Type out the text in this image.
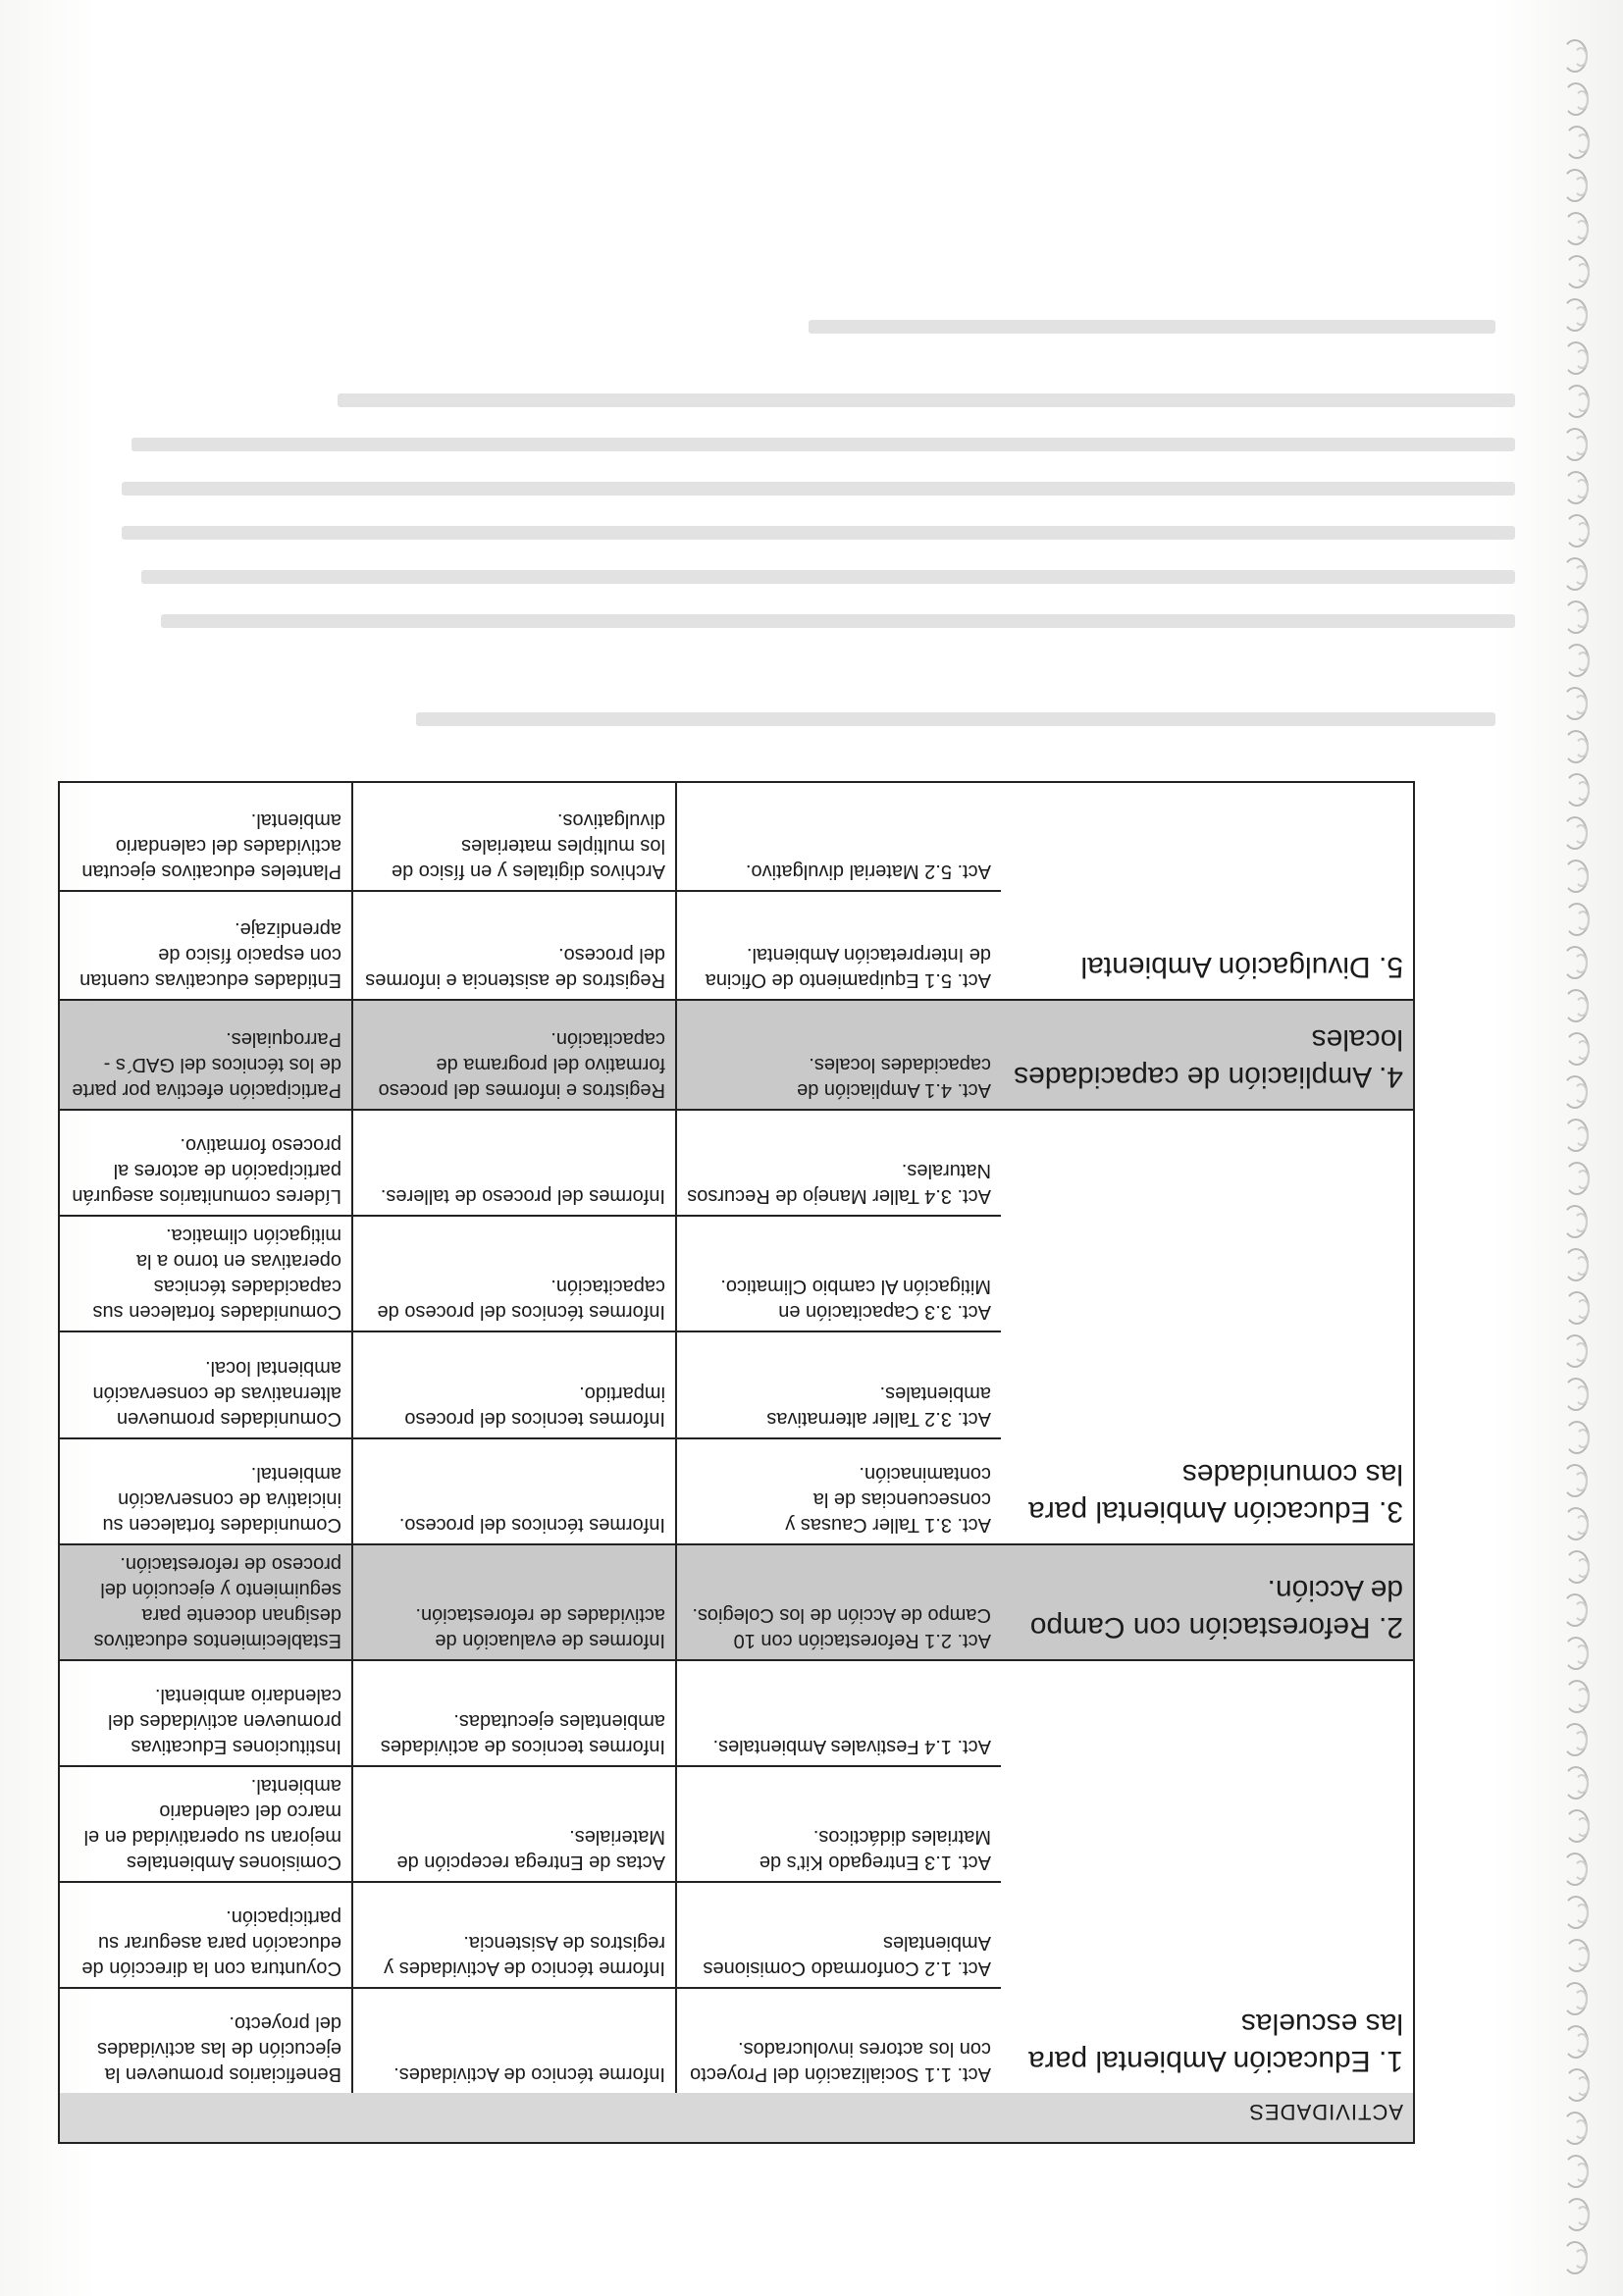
ACTIVIDADES
1. Educación Ambiental para las escuelas
Act. 1.1 Socialización del Proyecto con los actores involucrados.
Informe técnico de Actividades.
Beneficiarios promueven la ejecución de las actividades del proyecto.
Act. 1.2 Conformado Comisiones Ambientales
Informe técnico de Actividades y registros de Asistencia.
Coyuntura con la dirección de educación para asegurar su participación.
Act. 1.3 Entregado Kit's de Matriales didácticos.
Actas de Entrega recepción de Materiales.
Comisiones Ambientales mejoran su operatividad en el marco del calendario ambiental.
Act. 1.4 Festivales Ambientales.
Informes tecnicos de actividades ambientales ejecutadas.
Instituciones Educativas promueven actividades del calendario ambiental.
2. Reforestación con Campo de Acción.
Act. 2.1 Reforestación con 10 Campo de Acción de los Colegios.
Informes de evaluación de actividades de reforestación.
Establecimientos educativos designan docente para seguimiento y ejecución del proceso de reforestación.
3. Educación Ambiental para las comunidades
Act. 3.1 Taller Causas y consecuencias de la contaminación.
Informes técnicos del proceso.
Comunidades fortalecen su iniciativa de conservación ambiental.
Act. 3.2 Taller alternativas ambientales.
Informes tecnicos del proceso impartido.
Comunidades promueven alternativas de conservación ambiental local.
Act. 3.3 Capacitación en Mitigación Al cambio Climatico.
Informes técnicos del proceso de capacitación.
Comunidades fortalecen sus capacidades técnicas operativas en torno a la mitigación climatica.
Act. 3.4 Taller Manejo de Recursos Naturales.
Informes del proceso de talleres.
Líderes comunitarios asegurán participación de actores al proceso formativo.
4. Ampliación de capacidades locales
Act. 4.1 Ampliación de capacidades locales.
Registros e informes del proceso formativo del programa de capacitación.
Participación efectiva por parte de los técnicos del GAD´s - Parroquiales.
5. Divulgación Ambiental
Act. 5.1 Equipamiento de Oficina de Interpretación Ambiental.
Registros de asistencia e informes del proceso.
Entidades educativas cuentan con espacio físico de aprendizaje.
Act. 5.2 Material divulgativo.
Archivos digitales y en físico de los multiples materiales divulgativos.
Planteles educativos ejecutan actividades del calendario ambiental.
